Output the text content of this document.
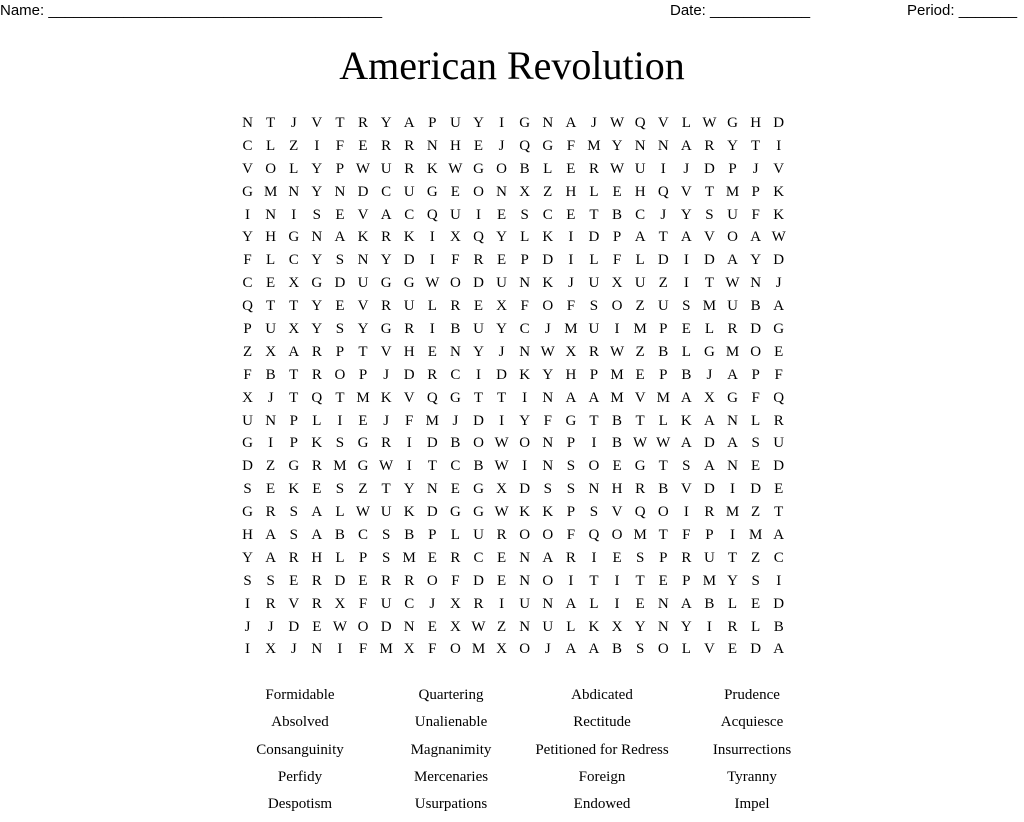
Name: ________________________________________	Date: ____________	Period: _______
American Revolution
N T	J V T R Y A P U Y	I	G N A J W Q V L W G H D
C L Z	I	F E R R N H E	J Q G F M Y N N A R Y T	I
V O L Y P W U R K W G O B L E R W U	I	J D P	J V
G M N Y N D C U G E O N X Z H L E H Q V T M P K
I	N	I	S E V A C Q U	I	E S C E T B C	J Y S U F K
Y H G N A K R K	I	X Q Y L K	I	D P A T A V O A W
F L C Y S N Y D	I	F R E P D	I	L F L D	I	D A Y D
C E X G D U G G W O D U N K J U X U Z	I	T W N J
Q T T Y E V R U L R E X F O F S O Z U S M U B A
P U X Y S Y G R	I	B U Y C	J M U	I M P E L R D G
Z X A R P T V H E N Y J N W X R W Z B L G M O E
F B T R O P	J D R C	I	D K Y H P M E P B	J A P F
X J	T Q T M K V Q G T T	I	N A A M V M A X G F Q
U N P L	I	E	J	F M J D	I	Y F G T B T L K A N L R
G	I	P K S G R	I	D B O W O N P	I	B W W A D A S U
D Z G R M G W I	T C B W I	N S O E G T S A N E D
S E K E S Z T Y N E G X D S S N H R B V D	I	D E
G R S A L W U K D G G W K K P S V Q O	I	R M Z T
H A S A B C S B P L U R O O F Q O M T F P	I M A
Y A R H L P S M E R C E N A R	I	E S P R U T Z C
S S E R D E R R O F D E N O	I	T	I	T E P M Y S	I
I	R V R X F U C	J X R	I	U N A L	I	E N A B L E D
J	J D E W O D N E X W Z N U L K X Y N Y	I	R L B
I	X J N	I	F M X F O M X O J A A B S O L V E D A
Formidable	Quartering	Abdicated	Prudence
Absolved	Unalienable	Rectitude	Acquiesce
Consanguinity	Magnanimity	Petitioned for Redress	Insurrections
Perfidy	Mercenaries	Foreign	Tyranny
Despotism	Usurpations	Endowed	Impel
